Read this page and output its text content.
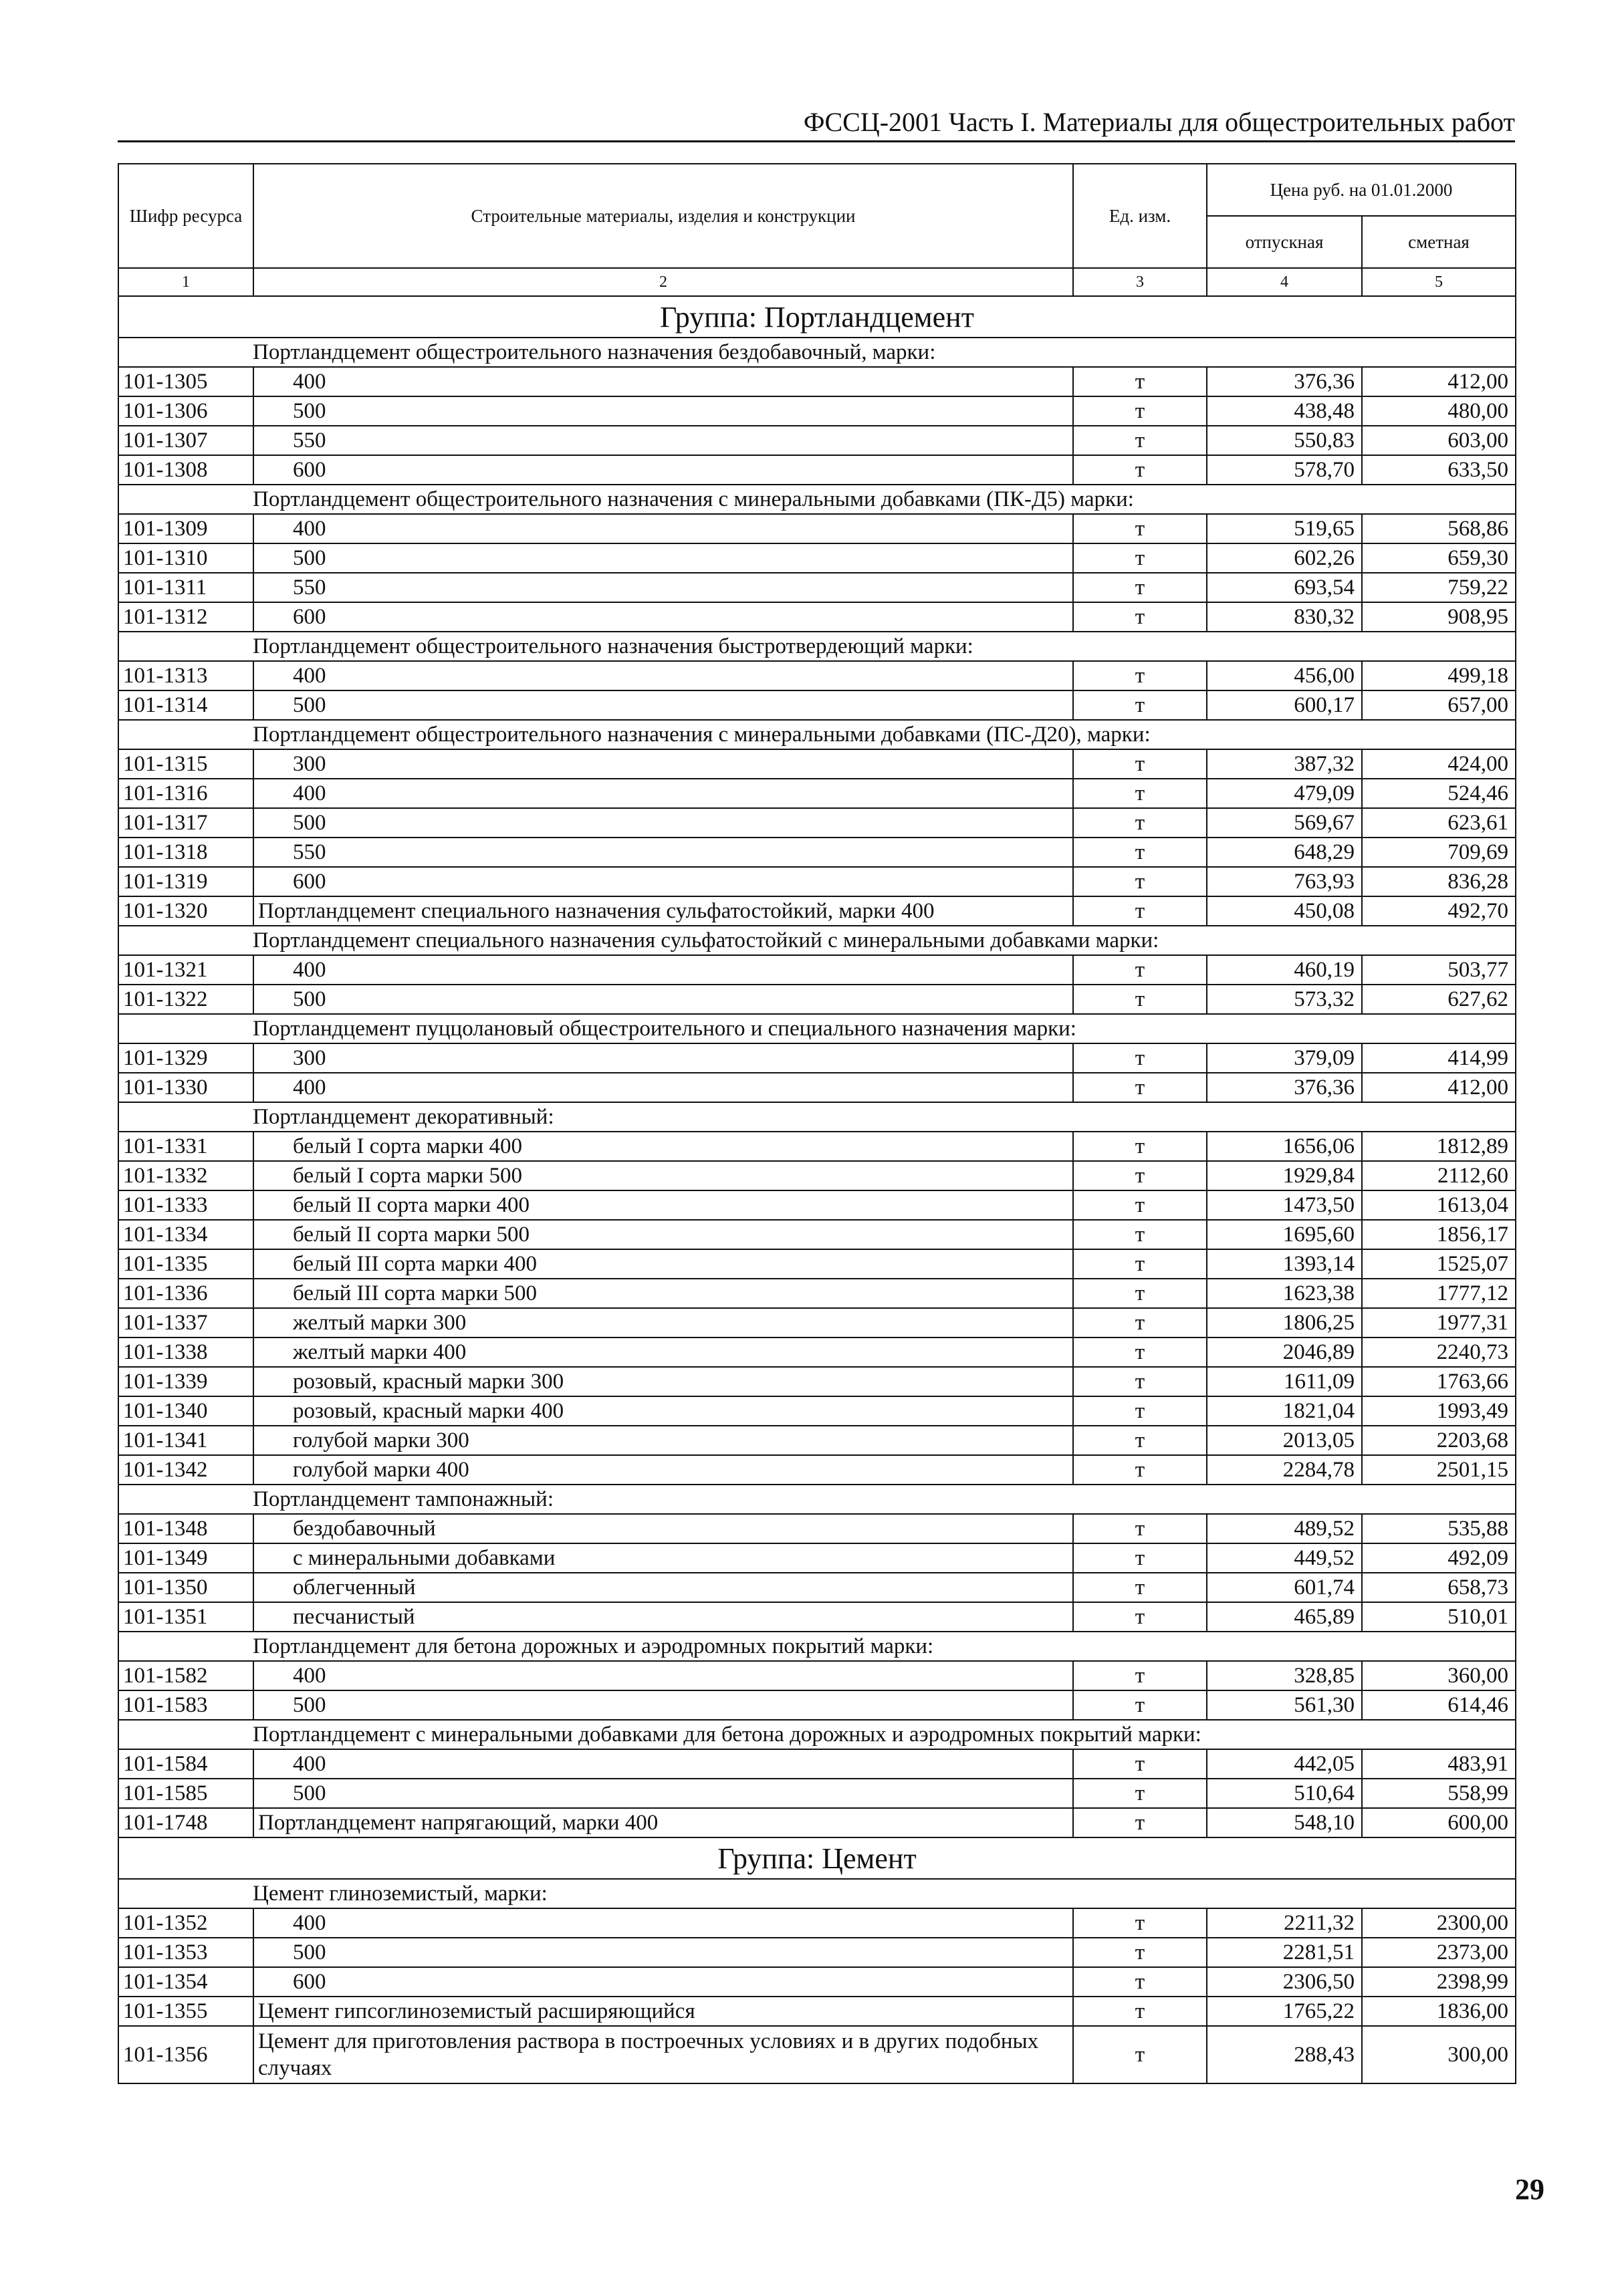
ФССЦ-2001 Часть I. Материалы для общестроительных работ
Шифр ресурса	Строительные материалы, изделия и конструкции	Ед. изм.	Цена руб. на 01.01.2000	
			отпускная	сметная
1	2	3	4	5
Группа: Портландцемент				
Портландцемент общестроительного назначения бездобавочный, марки:				
101-1305	400	т	376,36	412,00
101-1306	500	т	438,48	480,00
101-1307	550	т	550,83	603,00
101-1308	600	т	578,70	633,50
Портландцемент общестроительного назначения с минеральными добавками (ПК-Д5) марки:				
101-1309	400	т	519,65	568,86
101-1310	500	т	602,26	659,30
101-1311	550	т	693,54	759,22
101-1312	600	т	830,32	908,95
Портландцемент общестроительного назначения быстротвердеющий марки:				
101-1313	400	т	456,00	499,18
101-1314	500	т	600,17	657,00
Портландцемент общестроительного назначения с минеральными добавками (ПС-Д20), марки:				
101-1315	300	т	387,32	424,00
101-1316	400	т	479,09	524,46
101-1317	500	т	569,67	623,61
101-1318	550	т	648,29	709,69
101-1319	600	т	763,93	836,28
101-1320	Портландцемент специального назначения сульфатостойкий, марки 400	т	450,08	492,70
Портландцемент специального назначения сульфатостойкий с минеральными добавками марки:				
101-1321	400	т	460,19	503,77
101-1322	500	т	573,32	627,62
Портландцемент пуццолановый общестроительного и специального назначения марки:				
101-1329	300	т	379,09	414,99
101-1330	400	т	376,36	412,00
Портландцемент декоративный:				
101-1331	белый I сорта марки 400	т	1656,06	1812,89
101-1332	белый I сорта марки 500	т	1929,84	2112,60
101-1333	белый II сорта марки 400	т	1473,50	1613,04
101-1334	белый II сорта марки 500	т	1695,60	1856,17
101-1335	белый III сорта марки 400	т	1393,14	1525,07
101-1336	белый III сорта марки 500	т	1623,38	1777,12
101-1337	желтый марки 300	т	1806,25	1977,31
101-1338	желтый марки 400	т	2046,89	2240,73
101-1339	розовый, красный марки 300	т	1611,09	1763,66
101-1340	розовый, красный марки 400	т	1821,04	1993,49
101-1341	голубой марки 300	т	2013,05	2203,68
101-1342	голубой марки 400	т	2284,78	2501,15
Портландцемент тампонажный:				
101-1348	бездобавочный	т	489,52	535,88
101-1349	с минеральными добавками	т	449,52	492,09
101-1350	облегченный	т	601,74	658,73
101-1351	песчанистый	т	465,89	510,01
Портландцемент для бетона дорожных и аэродромных покрытий марки:				
101-1582	400	т	328,85	360,00
101-1583	500	т	561,30	614,46
Портландцемент с минеральными добавками для бетона дорожных и аэродромных покрытий марки:				
101-1584	400	т	442,05	483,91
101-1585	500	т	510,64	558,99
101-1748	Портландцемент напрягающий, марки 400	т	548,10	600,00
Группа: Цемент				
Цемент глиноземистый, марки:				
101-1352	400	т	2211,32	2300,00
101-1353	500	т	2281,51	2373,00
101-1354	600	т	2306,50	2398,99
101-1355	Цемент гипсоглиноземистый расширяющийся	т	1765,22	1836,00
101-1356	Цемент для приготовления раствора в построечных условиях и в других подобных случаях	т	288,43	300,00
29
